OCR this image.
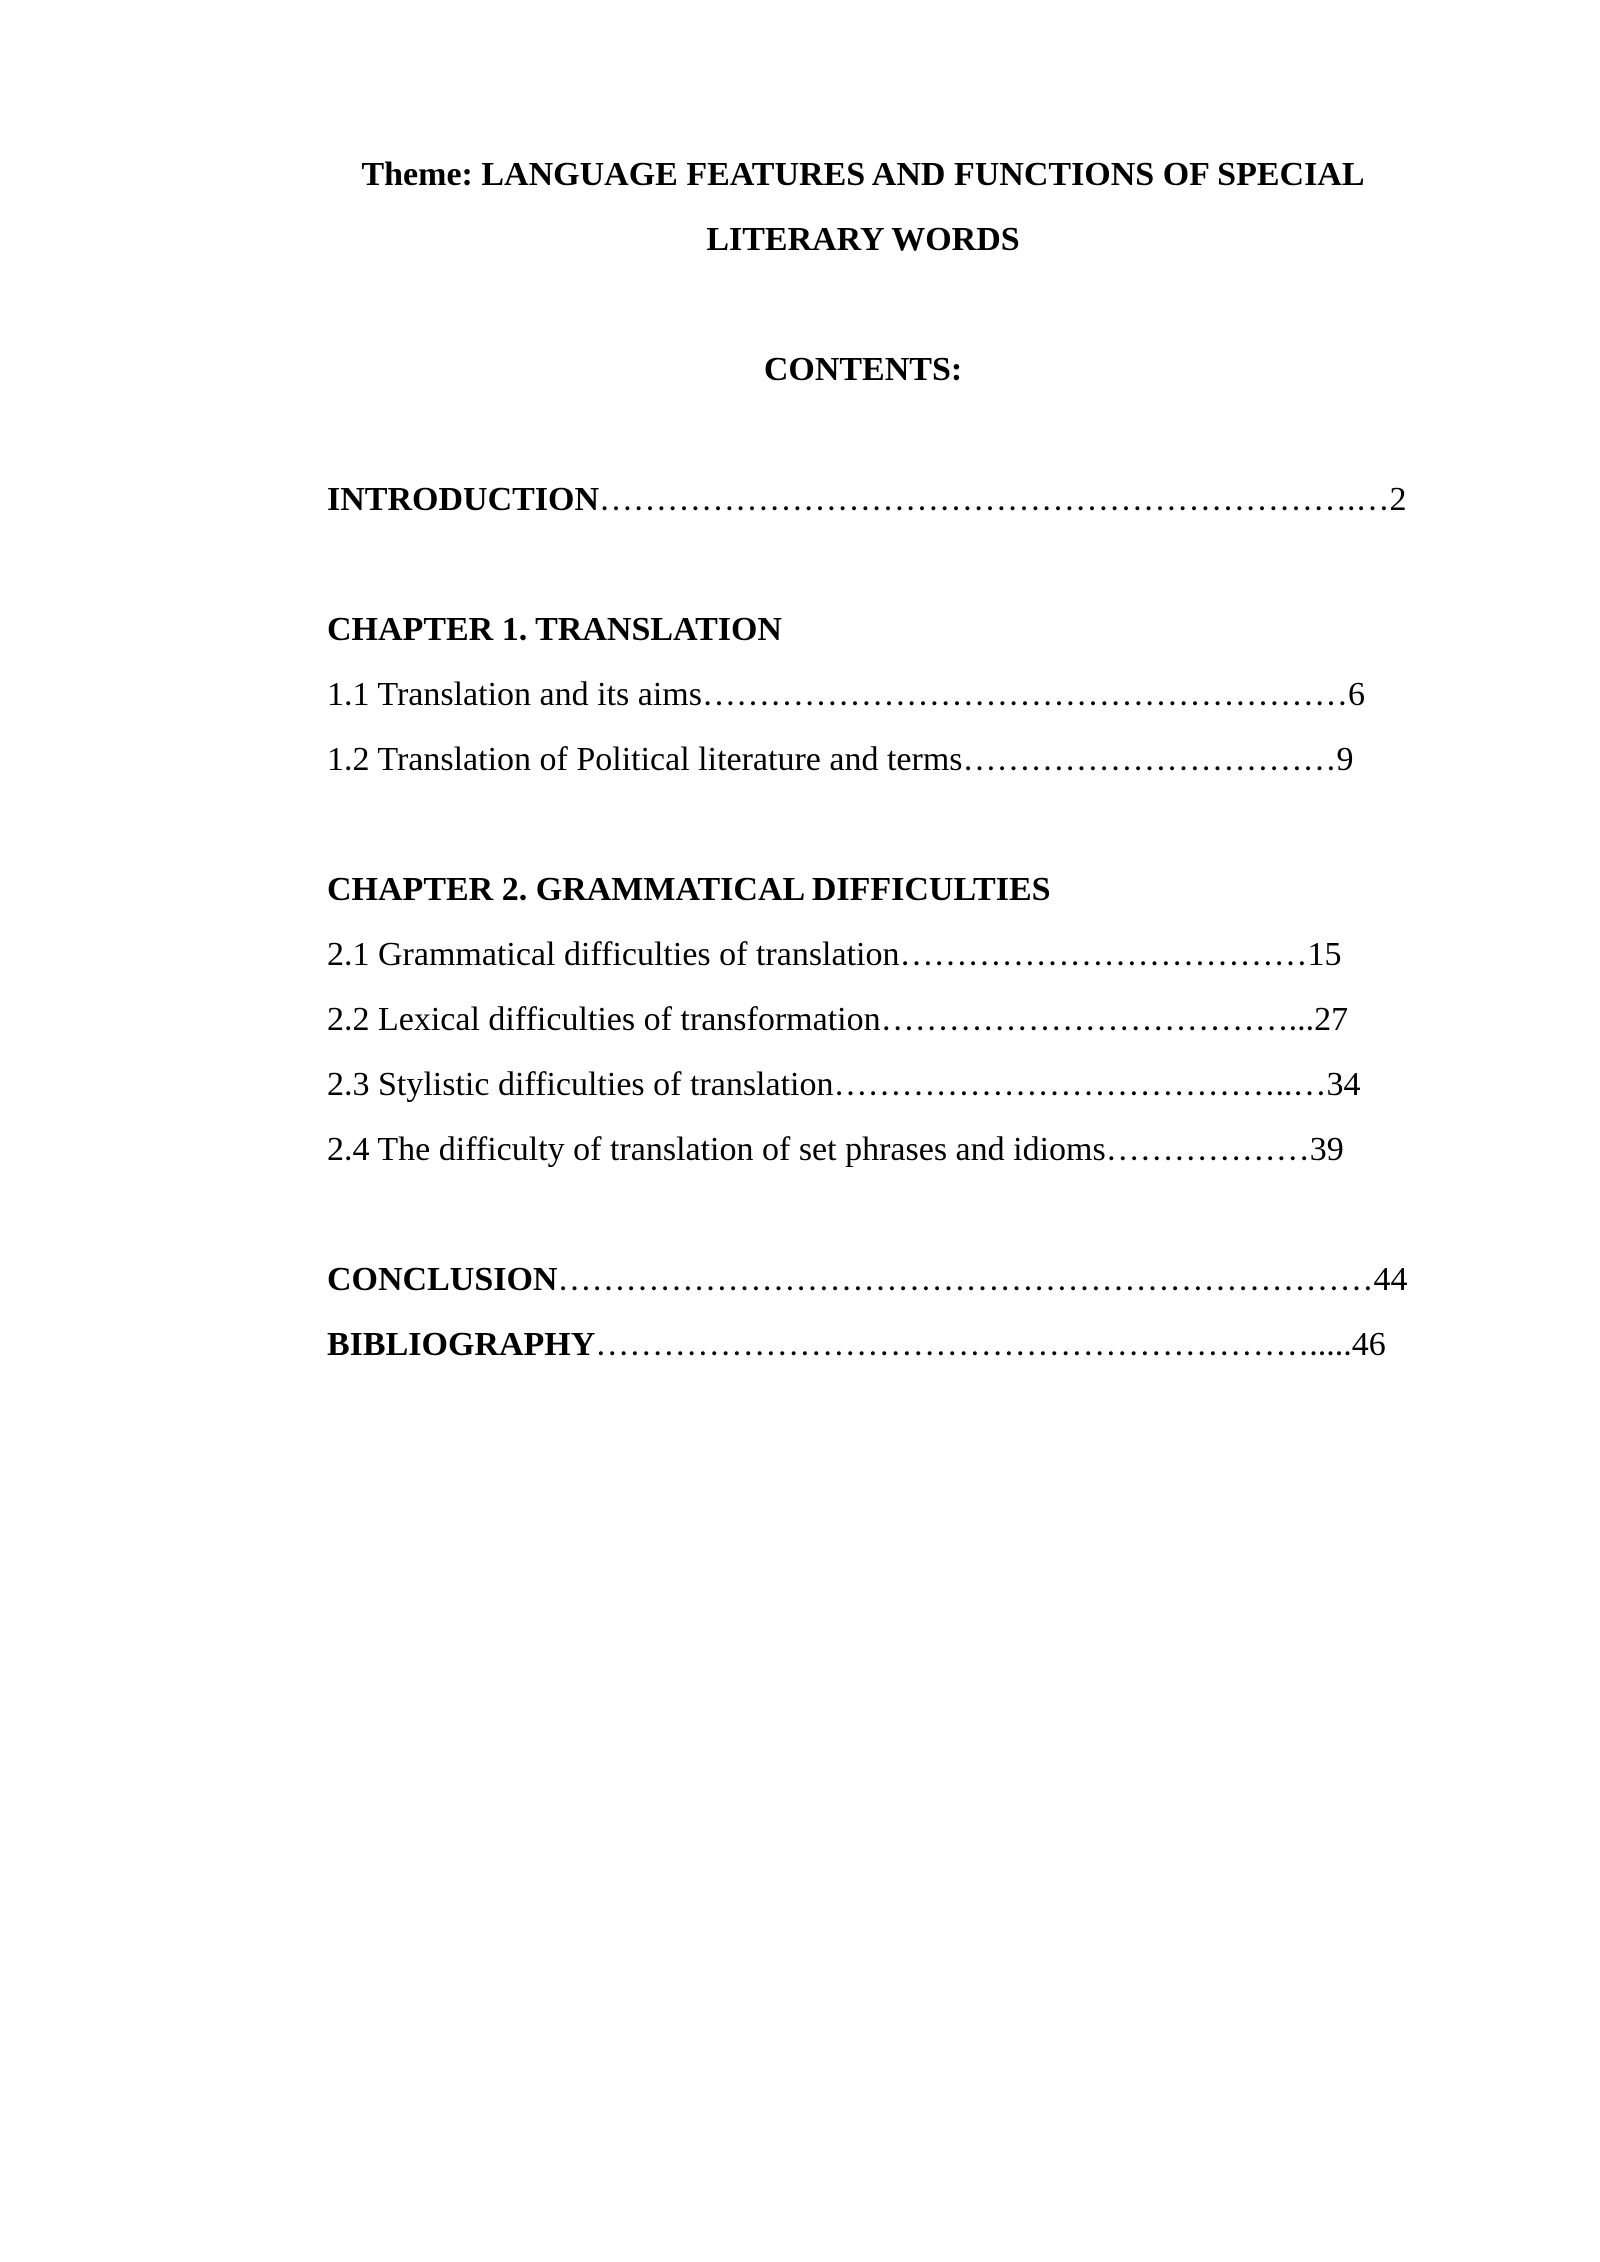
Theme: LANGUAGE FEATURES AND FUNCTIONS OF SPECIAL
LITERARY WORDS
CONTENTS:
INTRODUCTION………………………………………………………….…2
CHAPTER 1. TRANSLATION
1.1 Translation and its aims…………………………………………………6
1.2 Translation of Political literature and terms……………………………9
CHAPTER 2. GRAMMATICAL DIFFICULTIES
2.1 Grammatical difficulties of translation………………………………15
2.2 Lexical difficulties of transformation………………………………...27
2.3 Stylistic difficulties of translation…………………………………..…34
2.4 The difficulty of translation of set phrases and idioms………………39
CONCLUSION………………………………………………………………44
BIBLIOGRAPHY……………………………………………………….....46
